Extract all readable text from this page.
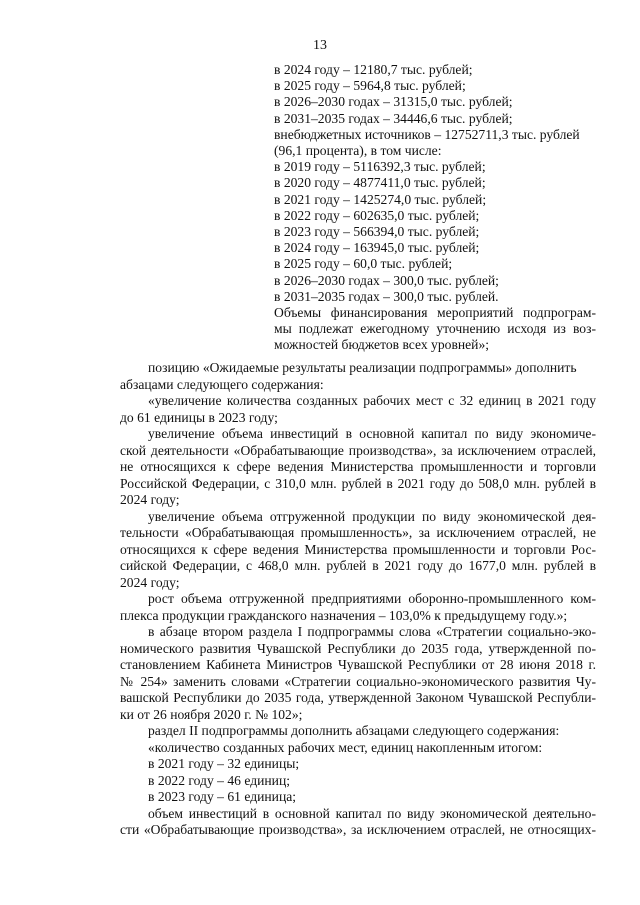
13

в 2024 году – 12180,7 тыс. рублей;

в 2025 году – 5964,8 тыс. рублей;

в 2026–2030 годах – 31315,0 тыс. рублей;

в 2031–2035 годах – 34446,6 тыс. рублей;

внебюджетных источников – 12752711,3 тыс. рублей

(96,1 процента), в том числе:

в 2019 году – 5116392,3 тыс. рублей;

в 2020 году – 4877411,0 тыс. рублей;

в 2021 году – 1425274,0 тыс. рублей;

в 2022 году – 602635,0 тыс. рублей;

в 2023 году – 566394,0 тыс. рублей;

в 2024 году – 163945,0 тыс. рублей;

в 2025 году – 60,0 тыс. рублей;

в 2026–2030 годах – 300,0 тыс. рублей;

в 2031–2035 годах – 300,0 тыс. рублей.

Объемы финансирования мероприятий подпрограм-

мы подлежат ежегодному уточнению исходя из воз-

можностей бюджетов всех уровней»;

позицию «Ожидаемые результаты реализации подпрограммы» дополнить

абзацами следующего содержания:

«увеличение количества созданных рабочих мест с 32 единиц в 2021 году

до 61 единицы в 2023 году;

увеличение объема инвестиций в основной капитал по виду экономиче-

ской деятельности «Обрабатывающие производства», за исключением отраслей,

не относящихся к сфере ведения Министерства промышленности и торговли

Российской Федерации, с 310,0 млн. рублей в 2021 году до 508,0 млн. рублей в

2024 году;

увеличение объема отгруженной продукции по виду экономической дея-

тельности «Обрабатывающая промышленность», за исключением отраслей, не

относящихся к сфере ведения Министерства промышленности и торговли Рос-

сийской Федерации, с 468,0 млн. рублей в 2021 году до 1677,0 млн. рублей в

2024 году;

рост объема отгруженной предприятиями оборонно-промышленного ком-

плекса продукции гражданского назначения – 103,0% к предыдущему году.»;

в абзаце втором раздела I подпрограммы слова «Стратегии социально-эко-

номического развития Чувашской Республики до 2035 года, утвержденной по-

становлением Кабинета Министров Чувашской Республики от 28 июня 2018 г.

№ 254» заменить словами «Стратегии социально-экономического развития Чу-

вашской Республики до 2035 года, утвержденной Законом Чувашской Республи-

ки от 26 ноября 2020 г. № 102»;

раздел II подпрограммы дополнить абзацами следующего содержания:

«количество созданных рабочих мест, единиц накопленным итогом:

в 2021 году – 32 единицы;

в 2022 году – 46 единиц;

в 2023 году – 61 единица;

объем инвестиций в основной капитал по виду экономической деятельно-

сти «Обрабатывающие производства», за исключением отраслей, не относящих-
